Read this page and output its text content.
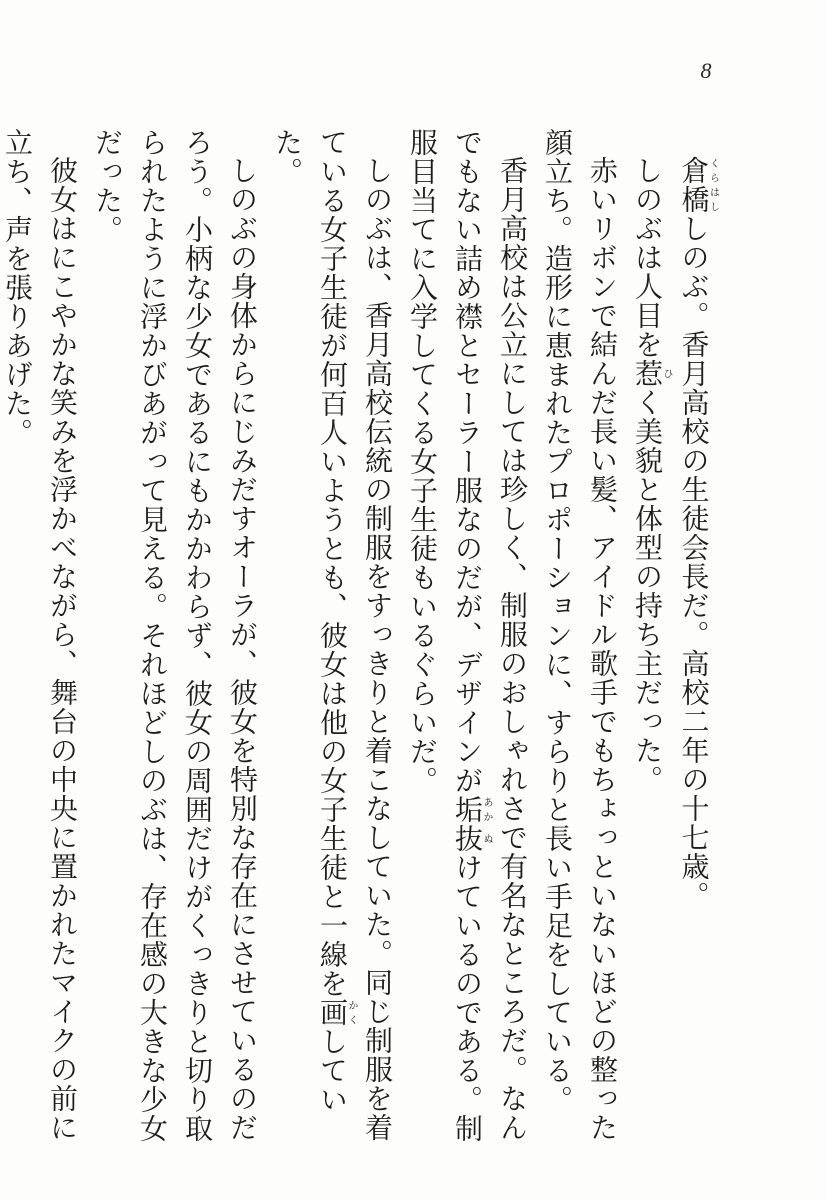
8

倉橋くらはししのぶ。香月高校の生徒会長だ。高校二年の十七歳。

しのぶは人目を惹ひく美貌と体型の持ち主だった。

赤いリボンで結んだ長い髪、アイドル歌手でもちょっといないほどの整った顔立ち。造形に恵まれたプロポーションに、すらりと長い手足をしている。

香月高校は公立にしては珍しく、制服のおしゃれさで有名なところだ。なんでもない詰め襟とセーラー服なのだが、デザインが垢あか抜ぬけているのである。制服目当てに入学してくる女子生徒もいるぐらいだ。

しのぶは、香月高校伝統の制服をすっきりと着こなしていた。同じ制服を着ている女子生徒が何百人いようとも、彼女は他の女子生徒と一線を画かくしていた。

しのぶの身体からにじみだすオーラが、彼女を特別な存在にさせているのだろう。小柄な少女であるにもかかわらず、彼女の周囲だけがくっきりと切り取られたように浮かびあがって見える。それほどしのぶは、存在感の大きな少女だった。

彼女はにこやかな笑みを浮かべながら、舞台の中央に置かれたマイクの前に立ち、声を張りあげた。
